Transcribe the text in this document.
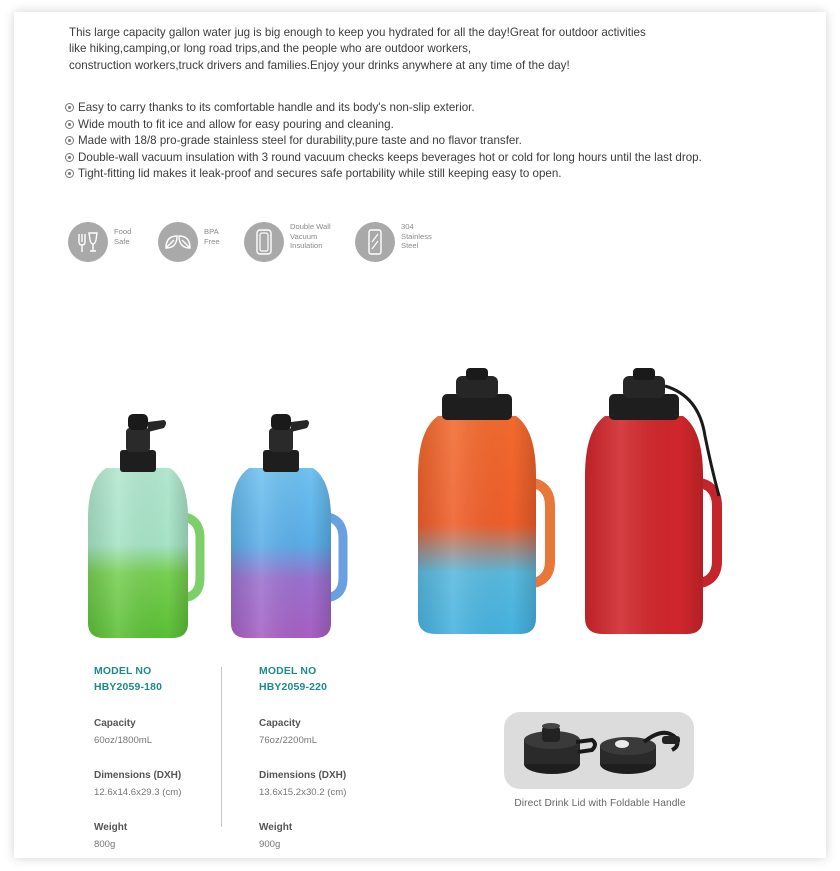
This large capacity gallon water jug is big enough to keep you hydrated for all the day!Great for outdoor activities
like hiking,camping,or long road trips,and the people who are outdoor workers,
construction workers,truck drivers and families.Enjoy your drinks anywhere at any time of the day!
Easy to carry thanks to its comfortable handle and its body's non-slip exterior.
Wide mouth to fit ice and allow for easy pouring and cleaning.
Made with 18/8 pro-grade stainless steel for durability,pure taste and no flavor transfer.
Double-wall vacuum insulation with 3 round vacuum checks keeps beverages hot or cold for long hours until the last drop.
Tight-fitting lid makes it leak-proof and secures safe portability while still keeping easy to open.
Food
Safe
BPA
Free
Double Wall
Vacuum
Insulation
304
Stainless
Steel
MODEL NO
HBY2059-180
Capacity
60oz/1800mL
Dimensions (DXH)
12.6x14.6x29.3 (cm)
Weight
800g
MODEL NO
HBY2059-220
Capacity
76oz/2200mL
Dimensions (DXH)
13.6x15.2x30.2 (cm)
Weight
900g
Direct Drink Lid with Foldable Handle
